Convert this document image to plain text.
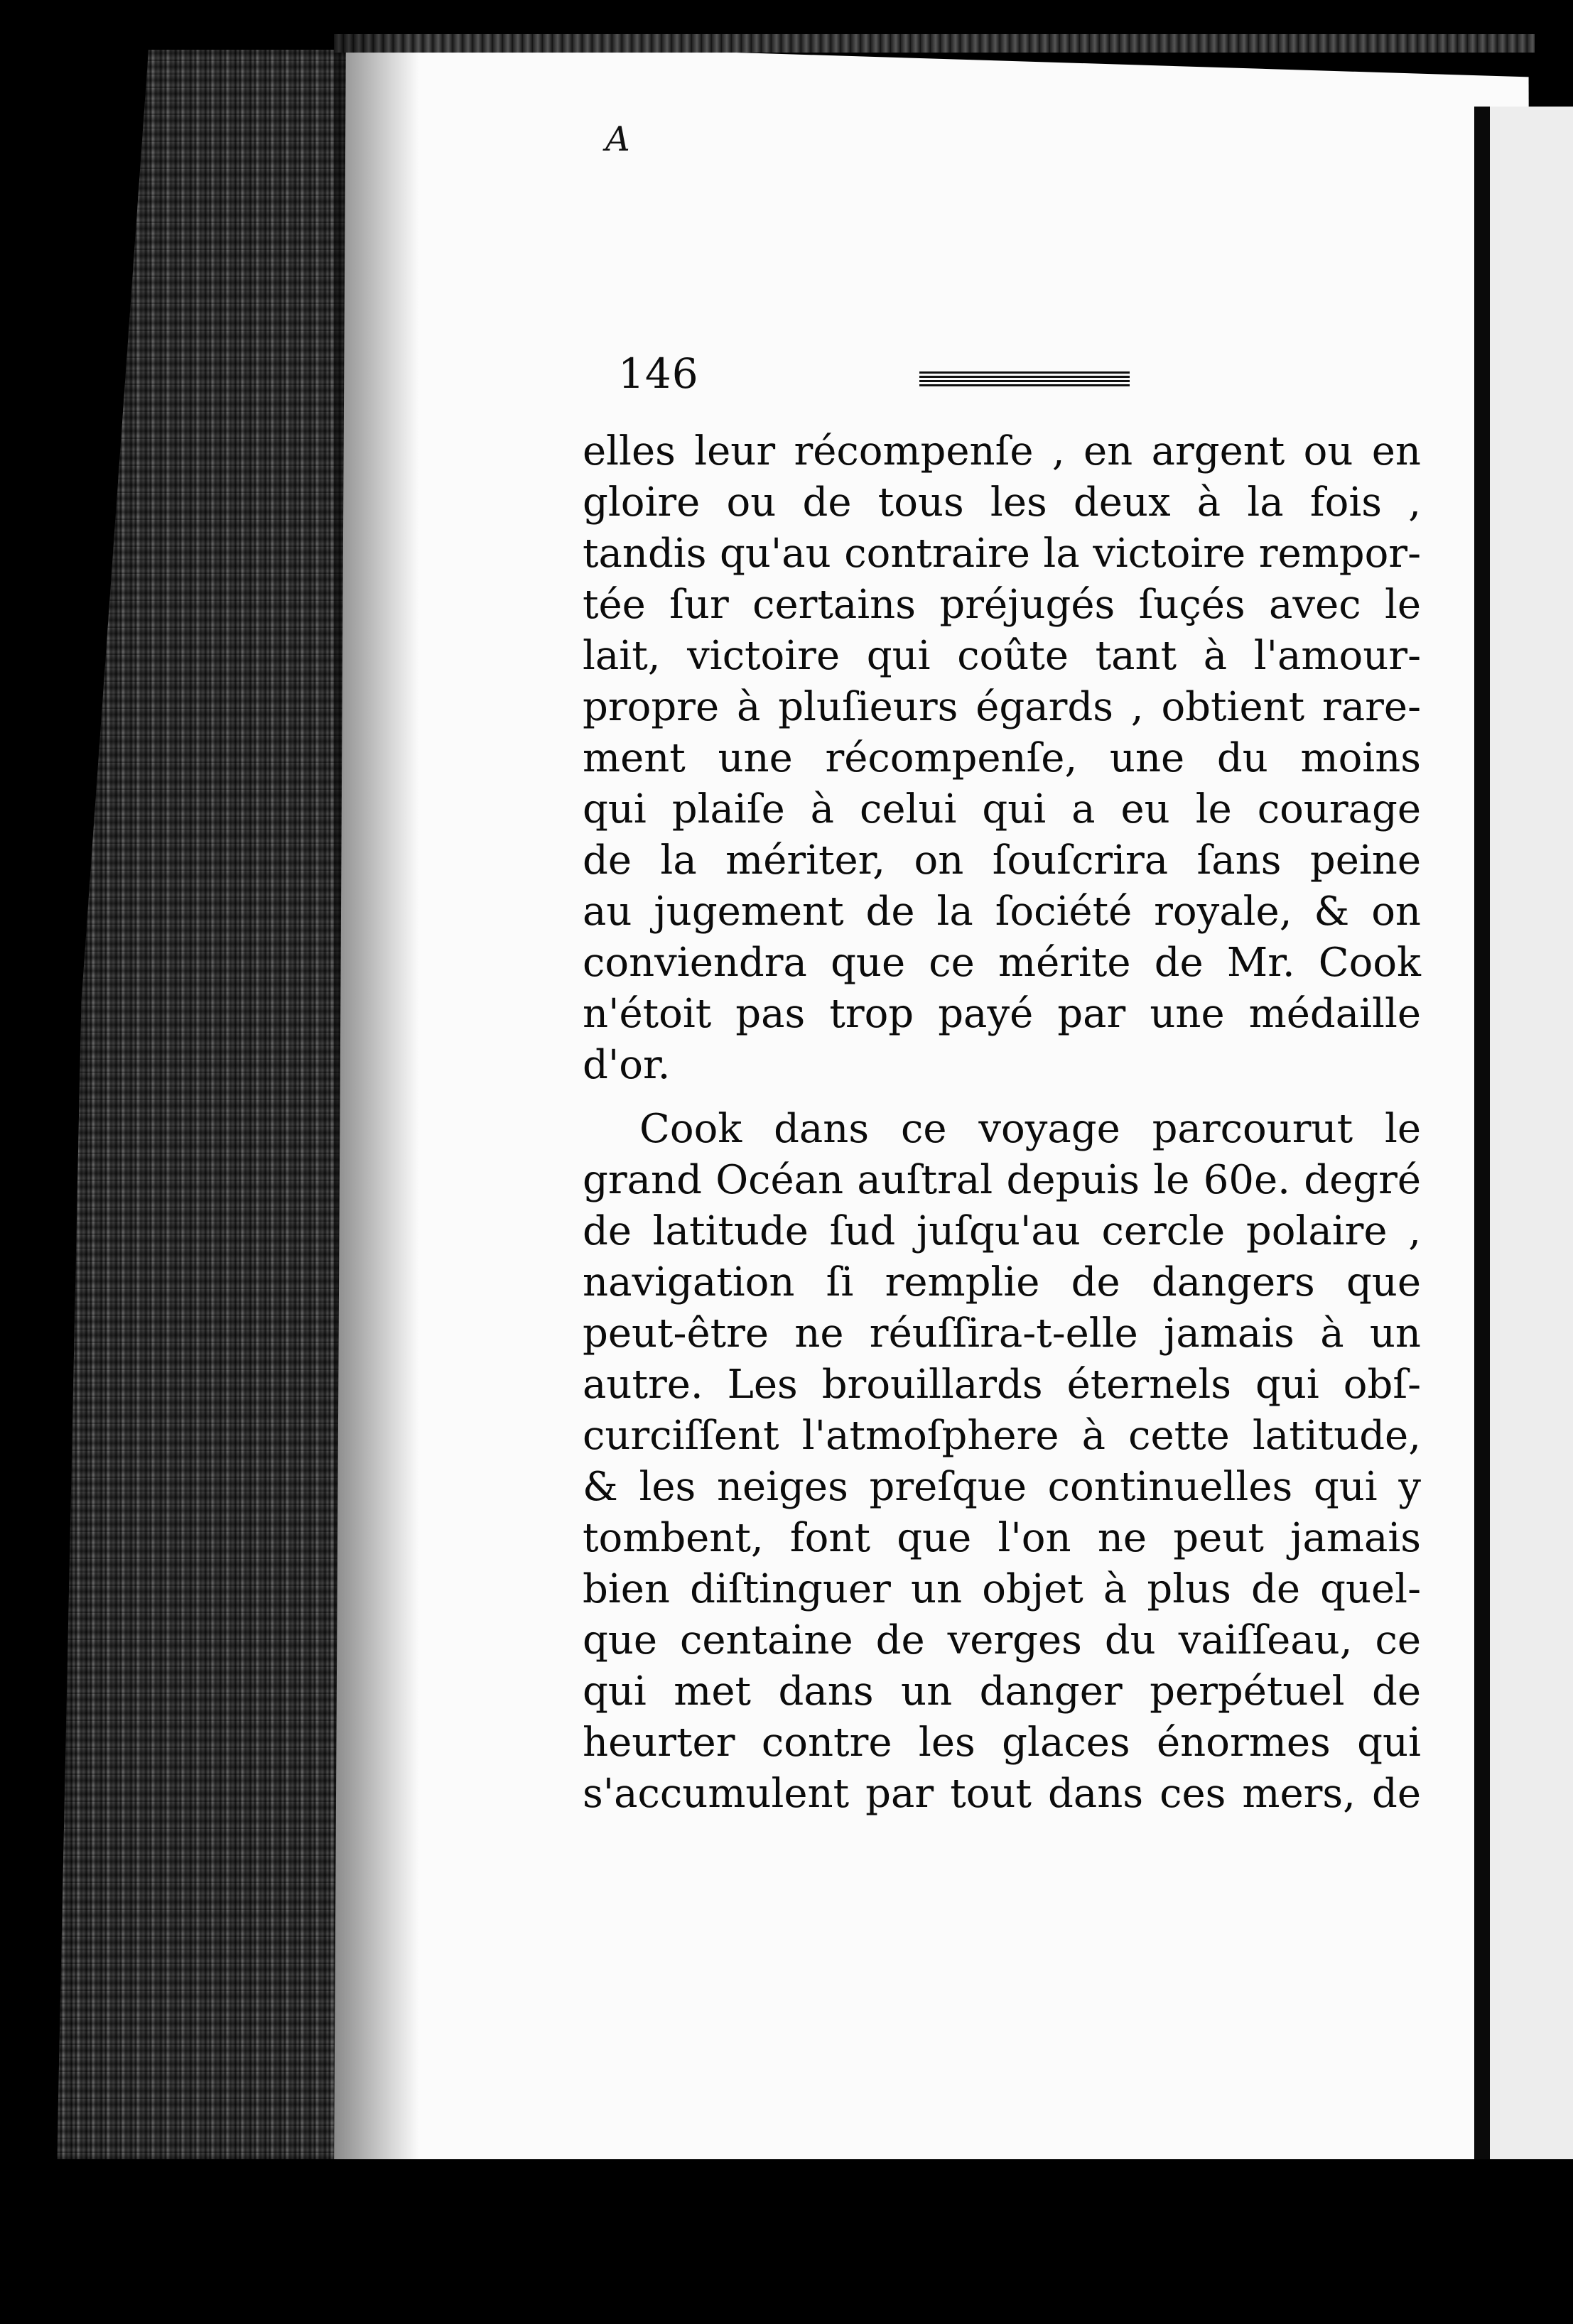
A
146
elles leur récompenſe , en argent ou en
gloire ou de tous les deux à la fois ,
tandis qu'au contraire la victoire rempor-
tée ſur certains préjugés ſuçés avec le
lait, victoire qui coûte tant à l'amour-
propre à pluſieurs égards , obtient rare-
ment une récompenſe, une du moins
qui plaiſe à celui qui a eu le courage
de la mériter, on ſouſcrira ſans peine
au jugement de la ſociété royale, & on
conviendra que ce mérite de Mr. Cook
n'étoit pas trop payé par une médaille
d'or.
Cook dans ce voyage parcourut le
grand Océan auſtral depuis le 60e. degré
de latitude ſud juſqu'au cercle polaire ,
navigation ſi remplie de dangers que
peut-être ne réuſſira-t-elle jamais à un
autre. Les brouillards éternels qui obſ-
curciſſent l'atmoſphere à cette latitude,
& les neiges preſque continuelles qui y
tombent, font que l'on ne peut jamais
bien diſtinguer un objet à plus de quel-
que centaine de verges du vaiſſeau, ce
qui met dans un danger perpétuel de
heurter contre les glaces énormes qui
s'accumulent par tout dans ces mers, de
